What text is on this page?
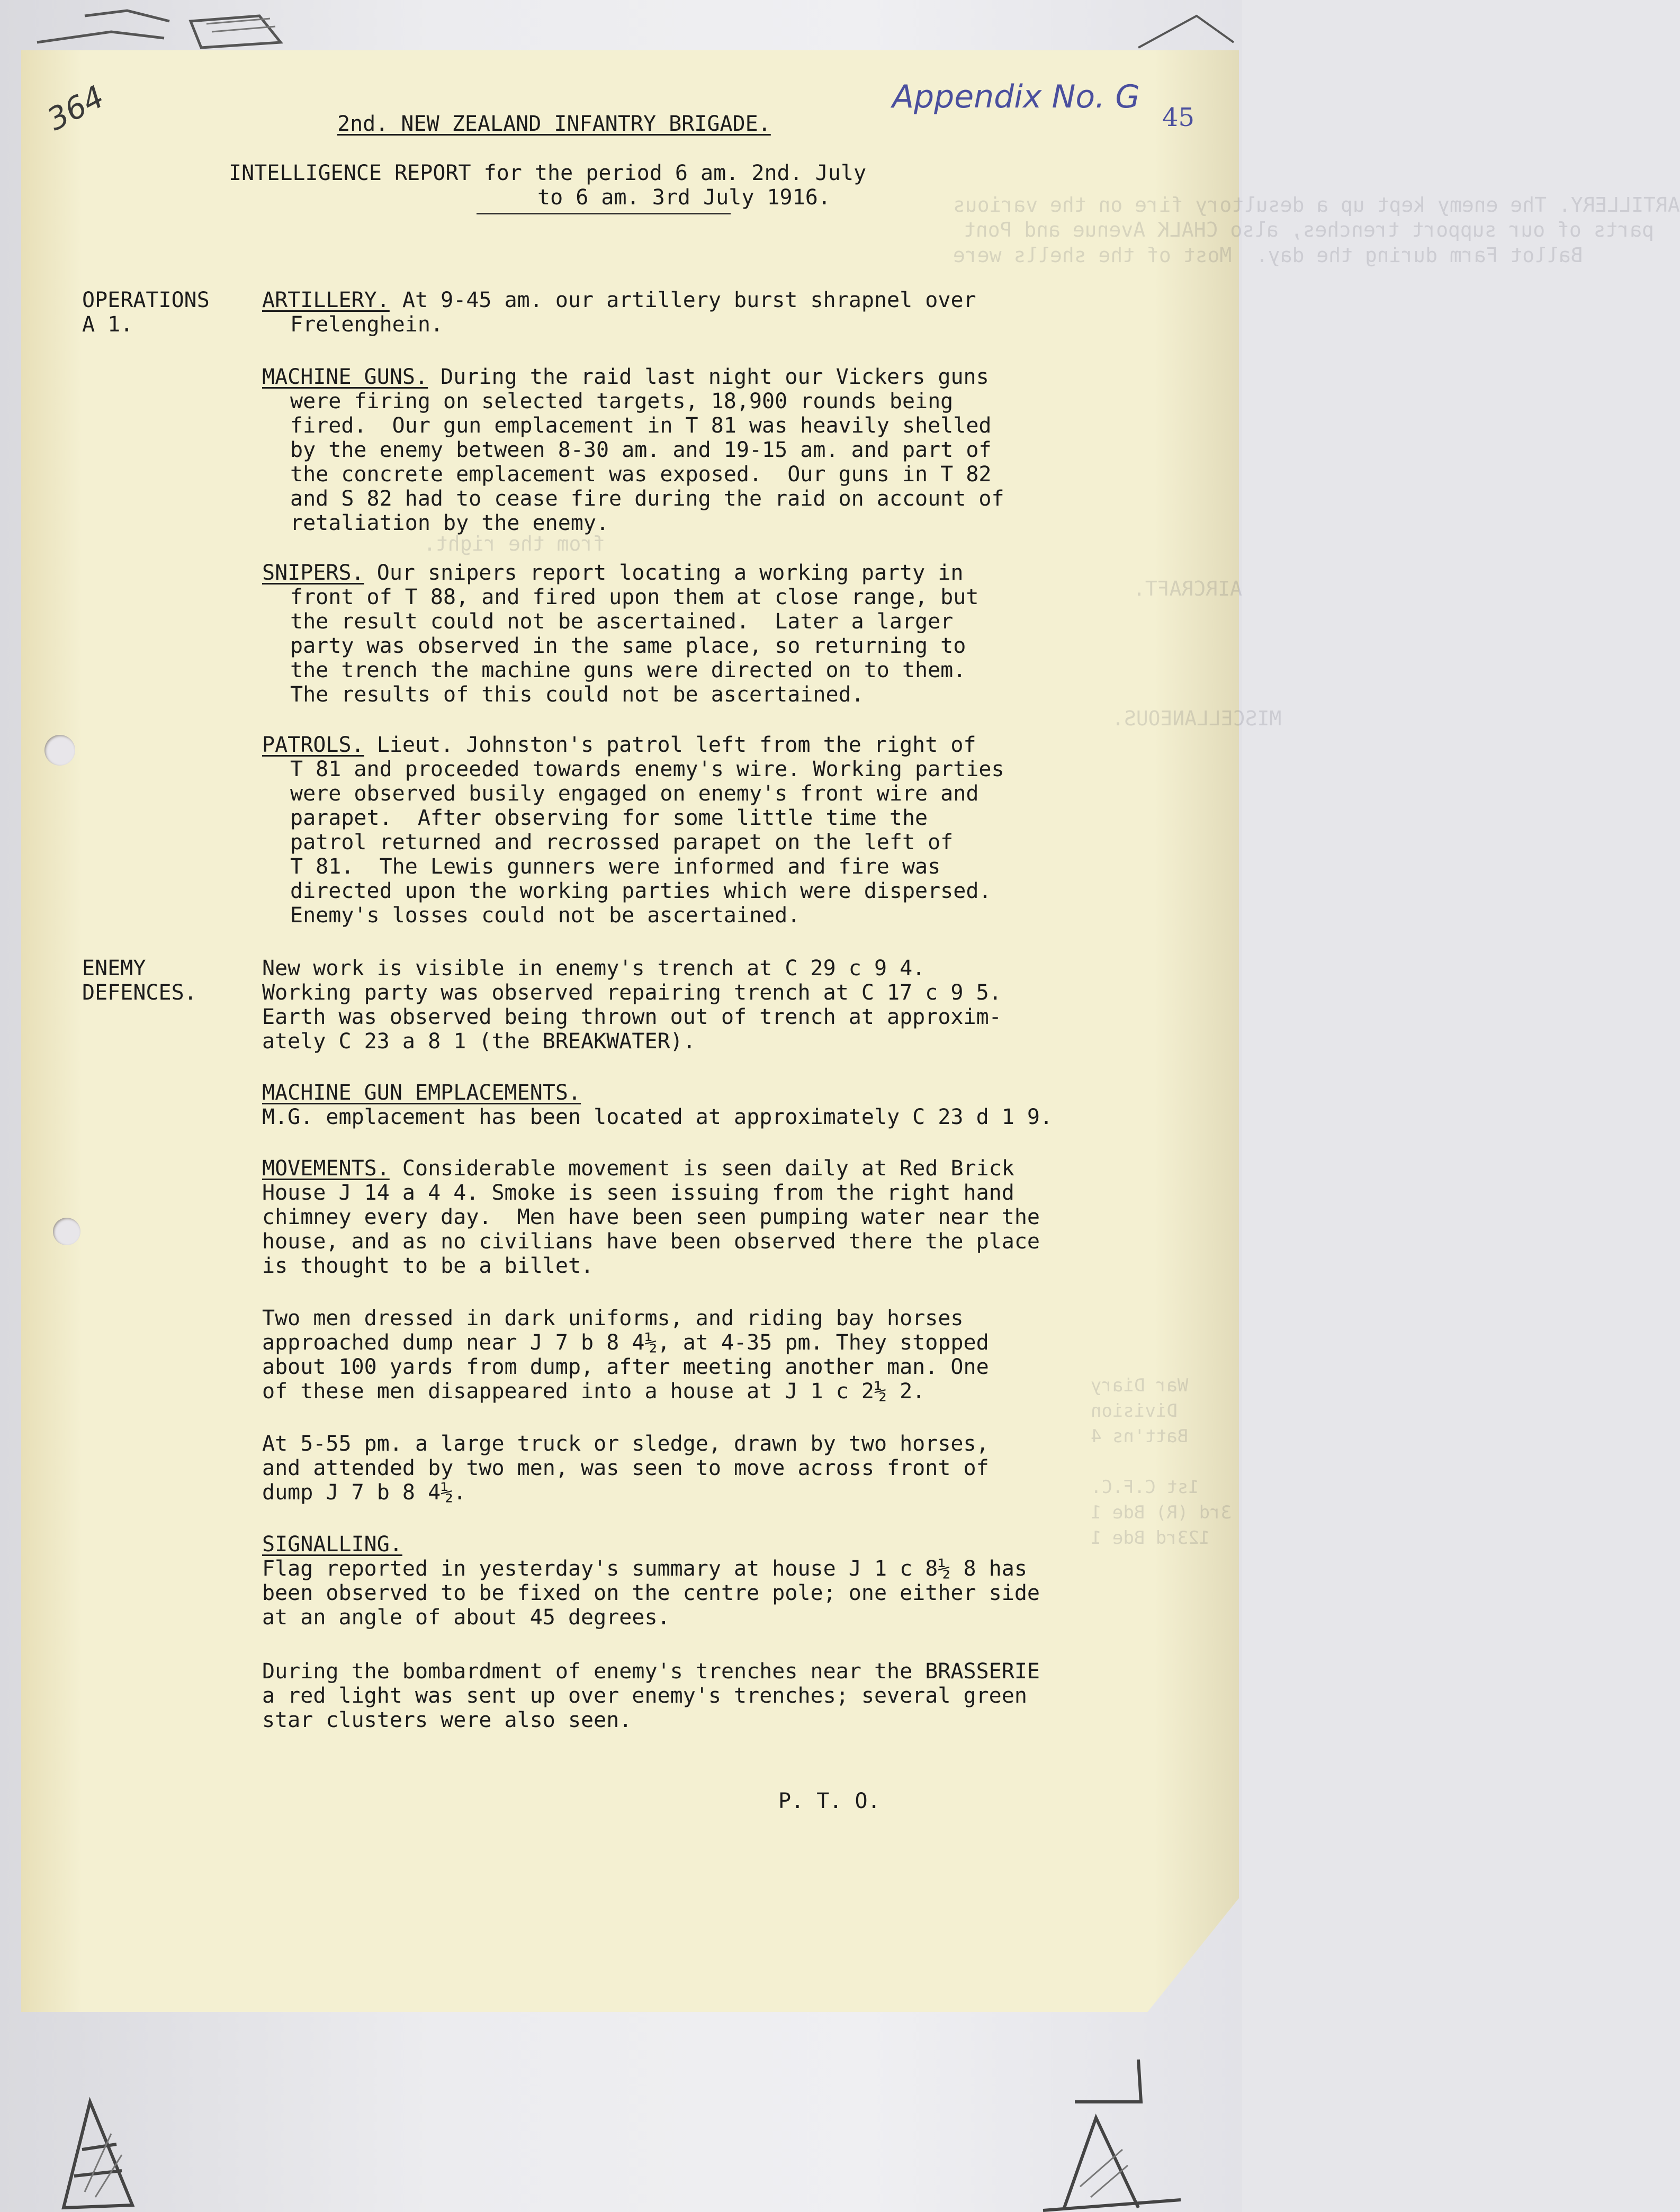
ARTILLERY. The enemy kept up a desultory fire on the various
parts of our support trenches, also CHALK Avenue and Pont
Ballot Farm during the day.  Most of the shells were
from the right.
AIRCRAFT.
MISCELLANEOUS.
War Diary
Division
Batt'ns 4
1st C.F.C.
3rd (R) Bde 1
123rd Bde 1
364	Appendix No. G
45
2nd. NEW ZEALAND INFANTRY BRIGADE.
INTELLIGENCE REPORT for the period 6 am. 2nd. July
to 6 am. 3rd July 1916.
OPERATIONS
A 1.
ARTILLERY. At 9-45 am. our artillery burst shrapnel over
Frelenghein.
MACHINE GUNS. During the raid last night our Vickers guns
were firing on selected targets, 18,900 rounds being
fired.  Our gun emplacement in T 81 was heavily shelled
by the enemy between 8-30 am. and 19-15 am. and part of
the concrete emplacement was exposed.  Our guns in T 82
and S 82 had to cease fire during the raid on account of
retaliation by the enemy.
SNIPERS. Our snipers report locating a working party in
front of T 88, and fired upon them at close range, but
the result could not be ascertained.  Later a larger
party was observed in the same place, so returning to
the trench the machine guns were directed on to them.
The results of this could not be ascertained.
PATROLS. Lieut. Johnston's patrol left from the right of
T 81 and proceeded towards enemy's wire. Working parties
were observed busily engaged on enemy's front wire and
parapet.  After observing for some little time the
patrol returned and recrossed parapet on the left of
T 81.  The Lewis gunners were informed and fire was
directed upon the working parties which were dispersed.
Enemy's losses could not be ascertained.
ENEMY
DEFENCES.
New work is visible in enemy's trench at C 29 c 9 4.
Working party was observed repairing trench at C 17 c 9 5.
Earth was observed being thrown out of trench at approxim-
ately C 23 a 8 1 (the BREAKWATER).
MACHINE GUN EMPLACEMENTS.
M.G. emplacement has been located at approximately C 23 d 1 9.
MOVEMENTS. Considerable movement is seen daily at Red Brick
House J 14 a 4 4. Smoke is seen issuing from the right hand
chimney every day.  Men have been seen pumping water near the
house, and as no civilians have been observed there the place
is thought to be a billet.
Two men dressed in dark uniforms, and riding bay horses
approached dump near J 7 b 8 4½, at 4-35 pm. They stopped
about 100 yards from dump, after meeting another man. One
of these men disappeared into a house at J 1 c 2½ 2.
At 5-55 pm. a large truck or sledge, drawn by two horses,
and attended by two men, was seen to move across front of
dump J 7 b 8 4½.
SIGNALLING.
Flag reported in yesterday's summary at house J 1 c 8½ 8 has
been observed to be fixed on the centre pole; one either side
at an angle of about 45 degrees.
During the bombardment of enemy's trenches near the BRASSERIE
a red light was sent up over enemy's trenches; several green
star clusters were also seen.
P. T. O.
